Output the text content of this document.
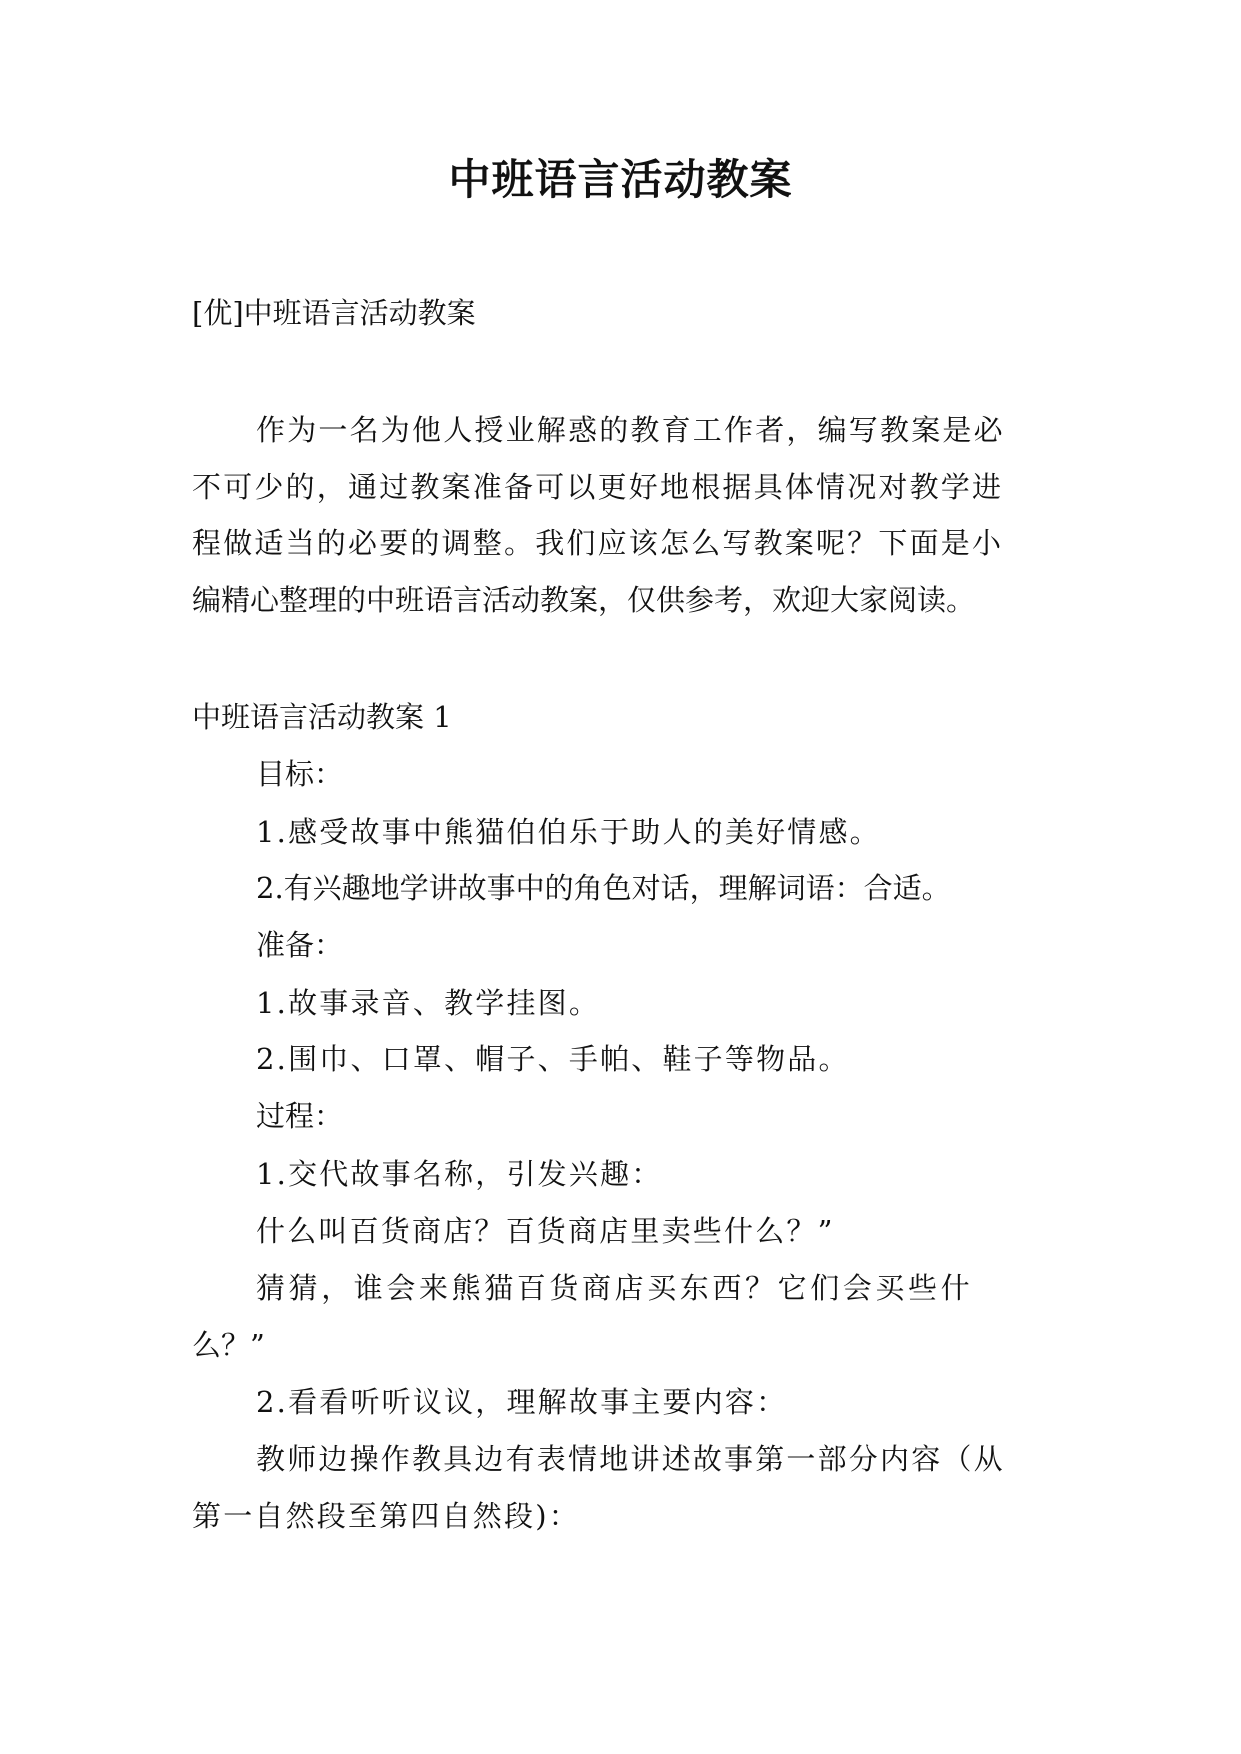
中班语言活动教案

[优]中班语言活动教案

作为一名为他人授业解惑的教育工作者，编写教案是必

不可少的，通过教案准备可以更好地根据具体情况对教学进

程做适当的必要的调整。我们应该怎么写教案呢？下面是小

编精心整理的中班语言活动教案，仅供参考，欢迎大家阅读。

中班语言活动教案 1

目标：

1.感受故事中熊猫伯伯乐于助人的美好情感。

2.有兴趣地学讲故事中的角色对话，理解词语：合适。

准备：

1.故事录音、教学挂图。

2.围巾、口罩、帽子、手帕、鞋子等物品。

过程：

1.交代故事名称，引发兴趣：

什么叫百货商店？百货商店里卖些什么？”

猜猜，谁会来熊猫百货商店买东西？它们会买些什

么？”

2.看看听听议议，理解故事主要内容：

教师边操作教具边有表情地讲述故事第一部分内容（从

第一自然段至第四自然段)：
